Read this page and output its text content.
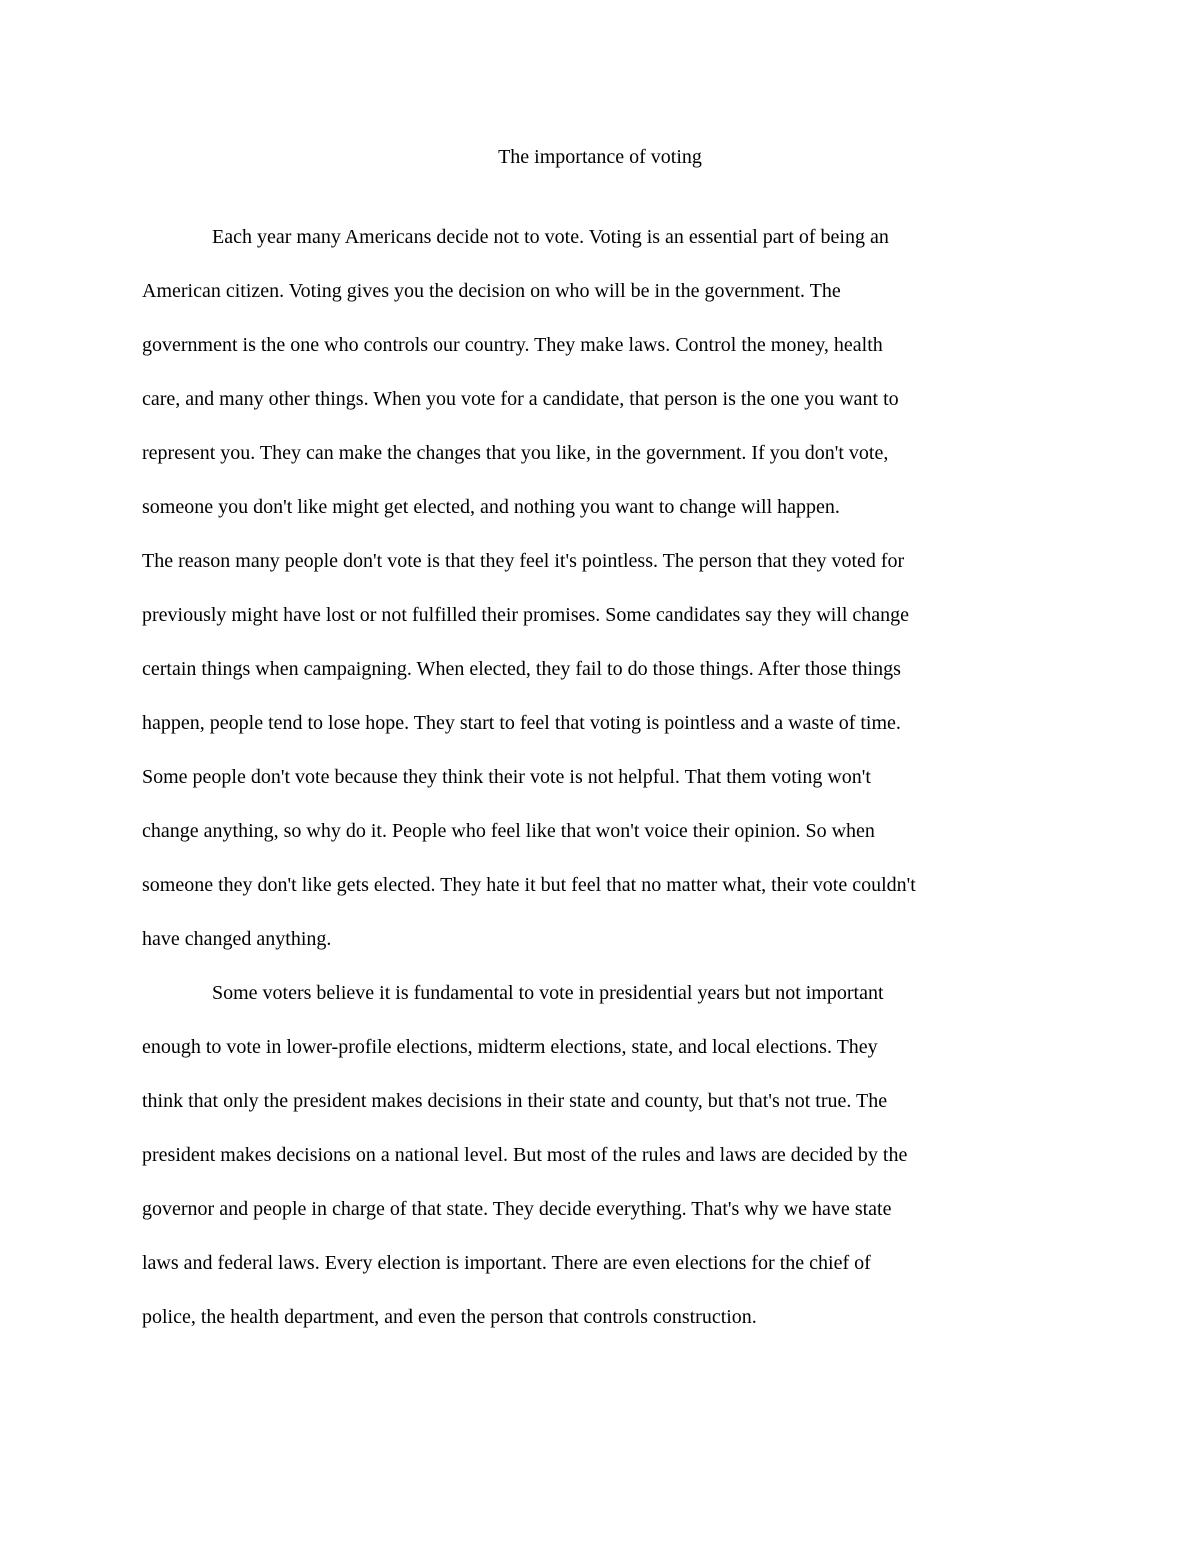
The importance of voting
Each year many Americans decide not to vote. Voting is an essential part of being an
American citizen. Voting gives you the decision on who will be in the government. The
government is the one who controls our country. They make laws. Control the money, health
care, and many other things. When you vote for a candidate, that person is the one you want to
represent you. They can make the changes that you like, in the government. If you don't vote,
someone you don't like might get elected, and nothing you want to change will happen.
The reason many people don't vote is that they feel it's pointless. The person that they voted for
previously might have lost or not fulfilled their promises. Some candidates say they will change
certain things when campaigning. When elected, they fail to do those things. After those things
happen, people tend to lose hope. They start to feel that voting is pointless and a waste of time.
Some people don't vote because they think their vote is not helpful. That them voting won't
change anything, so why do it. People who feel like that won't voice their opinion. So when
someone they don't like gets elected. They hate it but feel that no matter what, their vote couldn't
have changed anything.
Some voters believe it is fundamental to vote in presidential years but not important
enough to vote in lower-profile elections, midterm elections, state, and local elections. They
think that only the president makes decisions in their state and county, but that's not true. The
president makes decisions on a national level. But most of the rules and laws are decided by the
governor and people in charge of that state. They decide everything. That's why we have state
laws and federal laws. Every election is important. There are even elections for the chief of
police, the health department, and even the person that controls construction.
